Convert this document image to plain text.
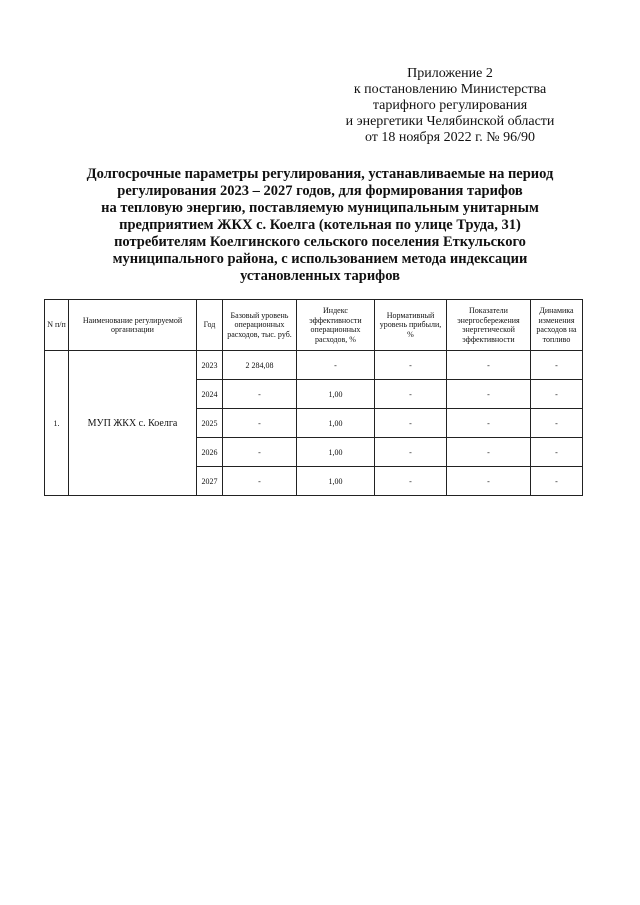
Приложение 2
к постановлению Министерства
тарифного регулирования
и энергетики Челябинской области
от 18 ноября 2022 г. № 96/90
Долгосрочные параметры регулирования, устанавливаемые на период
регулирования 2023 – 2027 годов, для формирования тарифов
на тепловую энергию, поставляемую муниципальным унитарным
предприятием ЖКХ с. Коелга (котельная по улице Труда, 31)
потребителям Коелгинского сельского поселения Еткульского
муниципального района, с использованием метода индексации
установленных тарифов
N п/п	Наименование регулируемой организации	Год	Базовый уровень операционных расходов, тыс. руб.	Индекс эффективности операционных расходов, %	Нормативный уровень прибыли, %	Показатели энергосбережения энергетической эффективности	Динамика изменения расходов на топливо
1.	МУП ЖКХ с. Коелга	2023	2 284,08	-	-	-	-
		2024	-	1,00	-	-	-
		2025	-	1,00	-	-	-
		2026	-	1,00	-	-	-
		2027	-	1,00	-	-	-
